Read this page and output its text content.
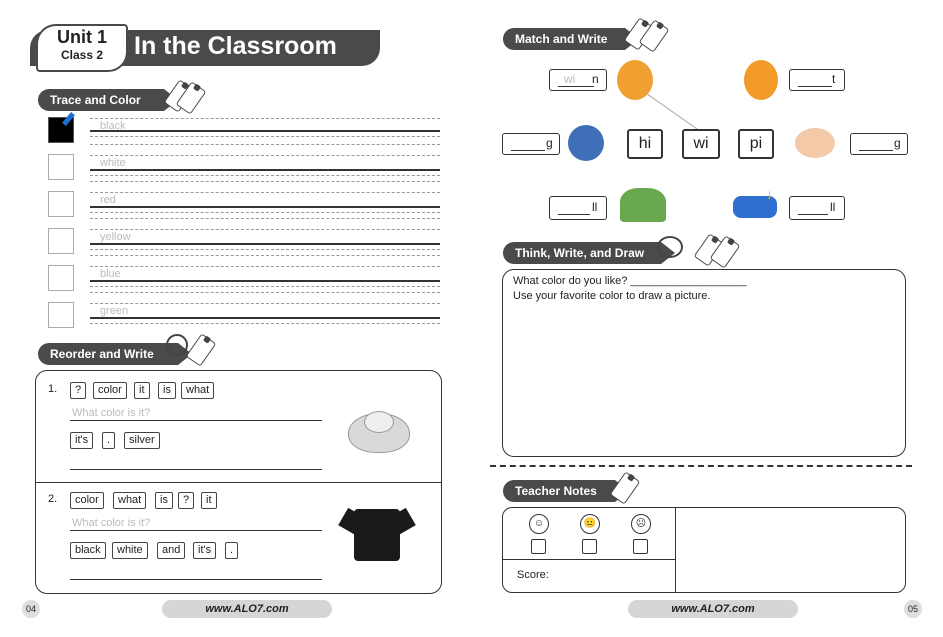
Unit 1
Class 2	In the Classroom
Trace and Color
black
white
red
yellow
blue
green
Reorder and Write
1.	?	color	it	is	what
What color is it?
it's	.	silver
2.	color	what	is	?	it
What color is it?
black	white	and	it's	.
04	www.ALO7.com
Match and Write
wi n	t
g	hi	wi	pi	g
ll
↓
ll
Think, Write, and Draw
What color do you like? ___________________
Use your favorite color to draw a picture.
Teacher Notes
☺	😐	☹
Score:
www.ALO7.com	05
